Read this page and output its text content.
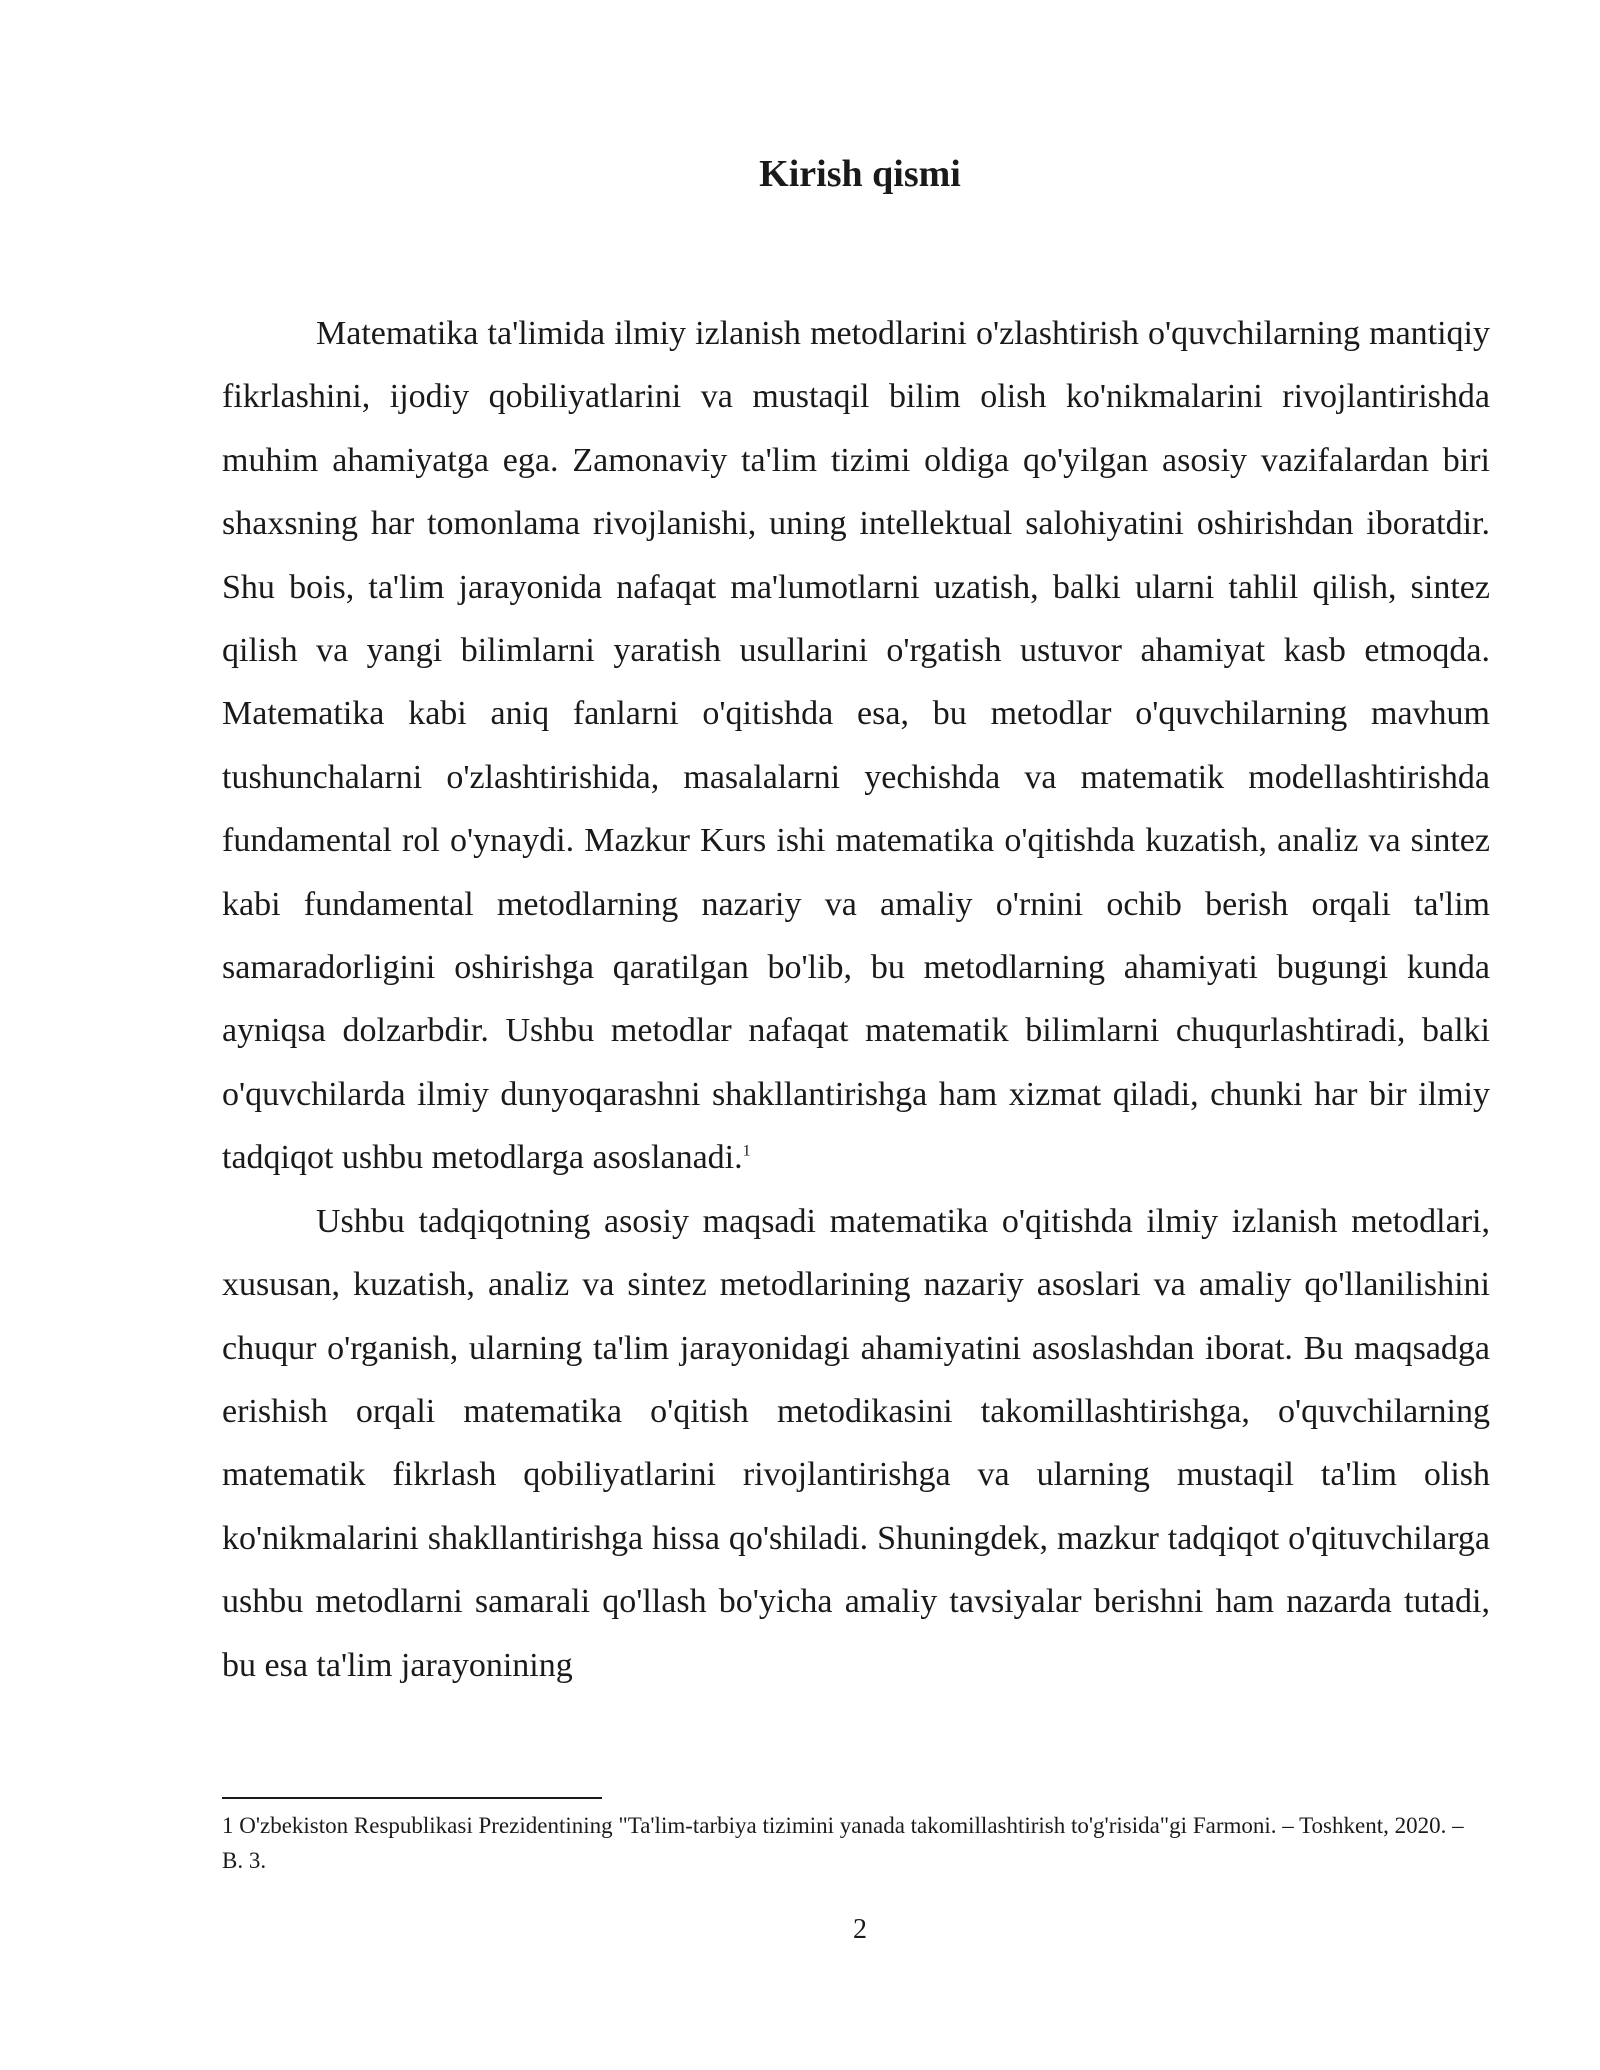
Kirish qismi

Matematika ta'limida ilmiy izlanish metodlarini o'zlashtirish o'quvchilarning mantiqiy fikrlashini, ijodiy qobiliyatlarini va mustaqil bilim olish ko'nikmalarini rivojlantirishda muhim ahamiyatga ega. Zamonaviy ta'lim tizimi oldiga qo'yilgan asosiy vazifalardan biri shaxsning har tomonlama rivojlanishi, uning intellektual salohiyatini oshirishdan iboratdir. Shu bois, ta'lim jarayonida nafaqat ma'lumotlarni uzatish, balki ularni tahlil qilish, sintez qilish va yangi bilimlarni yaratish usullarini o'rgatish ustuvor ahamiyat kasb etmoqda. Matematika kabi aniq fanlarni o'qitishda esa, bu metodlar o'quvchilarning mavhum tushunchalarni o'zlashtirishida, masalalarni yechishda va matematik modellashtirishda fundamental rol o'ynaydi. Mazkur Kurs ishi matematika o'qitishda kuzatish, analiz va sintez kabi fundamental metodlarning nazariy va amaliy o'rnini ochib berish orqali ta'lim samaradorligini oshirishga qaratilgan bo'lib, bu metodlarning ahamiyati bugungi kunda ayniqsa dolzarbdir. Ushbu metodlar nafaqat matematik bilimlarni chuqurlashtiradi, balki o'quvchilarda ilmiy dunyoqarashni shakllantirishga ham xizmat qiladi, chunki har bir ilmiy tadqiqot ushbu metodlarga asoslanadi.$^1$

Ushbu tadqiqotning asosiy maqsadi matematika o'qitishda ilmiy izlanish metodlari, xususan, kuzatish, analiz va sintez metodlarining nazariy asoslari va amaliy qo'llanilishini chuqur o'rganish, ularning ta'lim jarayonidagi ahamiyatini asoslashdan iborat. Bu maqsadga erishish orqali matematika o'qitish metodikasini takomillashtirishga, o'quvchilarning matematik fikrlash qobiliyatlarini rivojlantirishga va ularning mustaqil ta'lim olish ko'nikmalarini shakllantirishga hissa qo'shiladi. Shuningdek, mazkur tadqiqot o'qituvchilarga ushbu metodlarni samarali qo'llash bo'yicha amaliy tavsiyalar berishni ham nazarda tutadi, bu esa ta'lim jarayonining

1 O'zbekiston Respublikasi Prezidentining "Ta'lim-tarbiya tizimini yanada takomillashtirish to'g'risida"gi Farmoni. – Toshkent, 2020. – B. 3.

2
